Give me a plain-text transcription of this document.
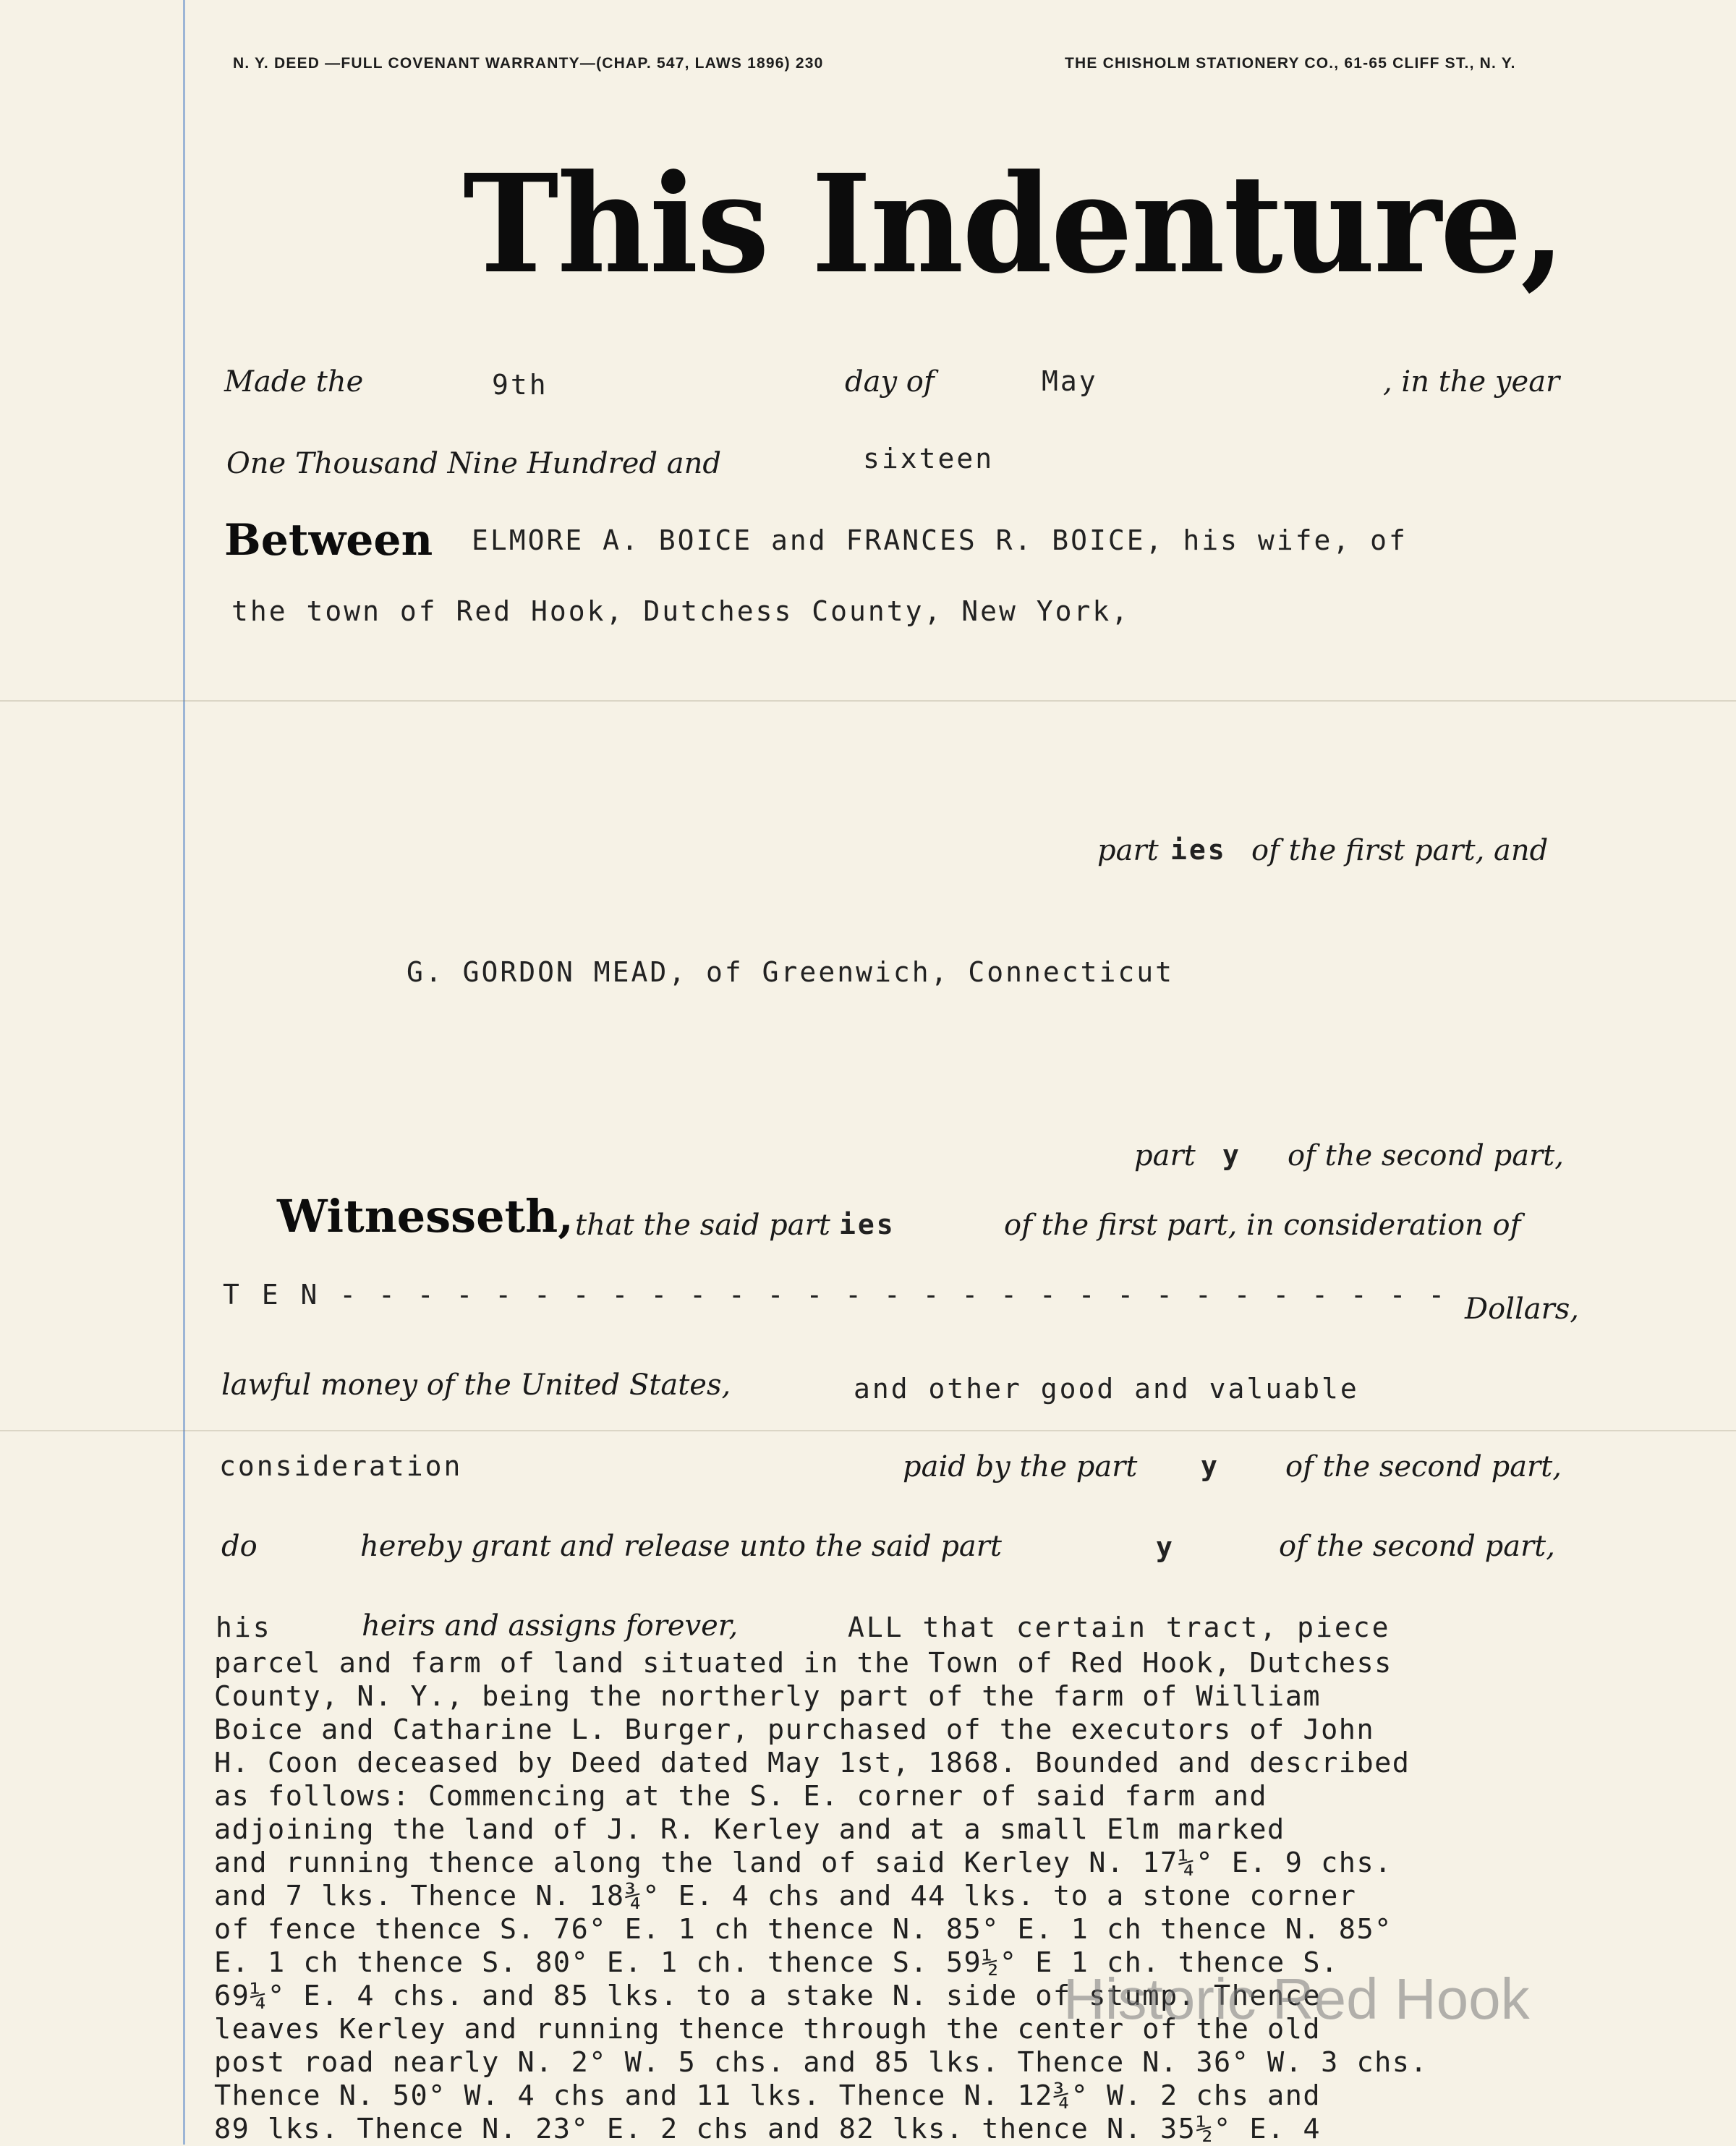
N. Y. DEED —FULL COVENANT WARRANTY—(CHAP. 547, LAWS 1896) 230	THE CHISHOLM STATIONERY CO., 61-65 CLIFF ST., N. Y.
This Indenture,
Made the	9th	day of	May	, in the year
One Thousand Nine Hundred and	sixteen
Between ELMORE A. BOICE and FRANCES R. BOICE, his wife, of
the town of Red Hook, Dutchess County, New York,
part ies of the first part, and
G. GORDON MEAD, of Greenwich, Connecticut
part y of the second part,
Witnesseth, that the said part ies	of the first part, in consideration of
T E N - - - - - - - - - - - - - - - - - - - - - - - - - - - - - Dollars,
lawful money of the United States,	and other good and valuable
consideration	paid by the part y of the second part,
do	hereby grant and release unto the said part	y	of the second part,
his	heirs and assigns forever,	ALL that certain tract, piece
parcel and farm of land situated in the Town of Red Hook, Dutchess
County, N. Y., being the northerly part of the farm of William
Boice and Catharine L. Burger, purchased of the executors of John
H. Coon deceased by Deed dated May 1st, 1868. Bounded and described
as follows: Commencing at the S. E. corner of said farm and
adjoining the land of J. R. Kerley and at a small Elm marked
and running thence along the land of said Kerley N. 17¼° E. 9 chs.
and 7 lks. Thence N. 18¾° E. 4 chs and 44 lks. to a stone corner
of fence thence S. 76° E. 1 ch thence N. 85° E. 1 ch thence N. 85°
E. 1 ch thence S. 80° E. 1 ch. thence S. 59½° E 1 ch. thence S.
69¼° E. 4 chs. and 85 lks. to a stake N. side of stump. Thence
leaves Kerley and running thence through the center of the old
post road nearly N. 2° W. 5 chs. and 85 lks. Thence N. 36° W. 3 chs.
Thence N. 50° W. 4 chs and 11 lks. Thence N. 12¾° W. 2 chs and
89 lks. Thence N. 23° E. 2 chs and 82 lks. thence N. 35½° E. 4
Historic Red Hook
